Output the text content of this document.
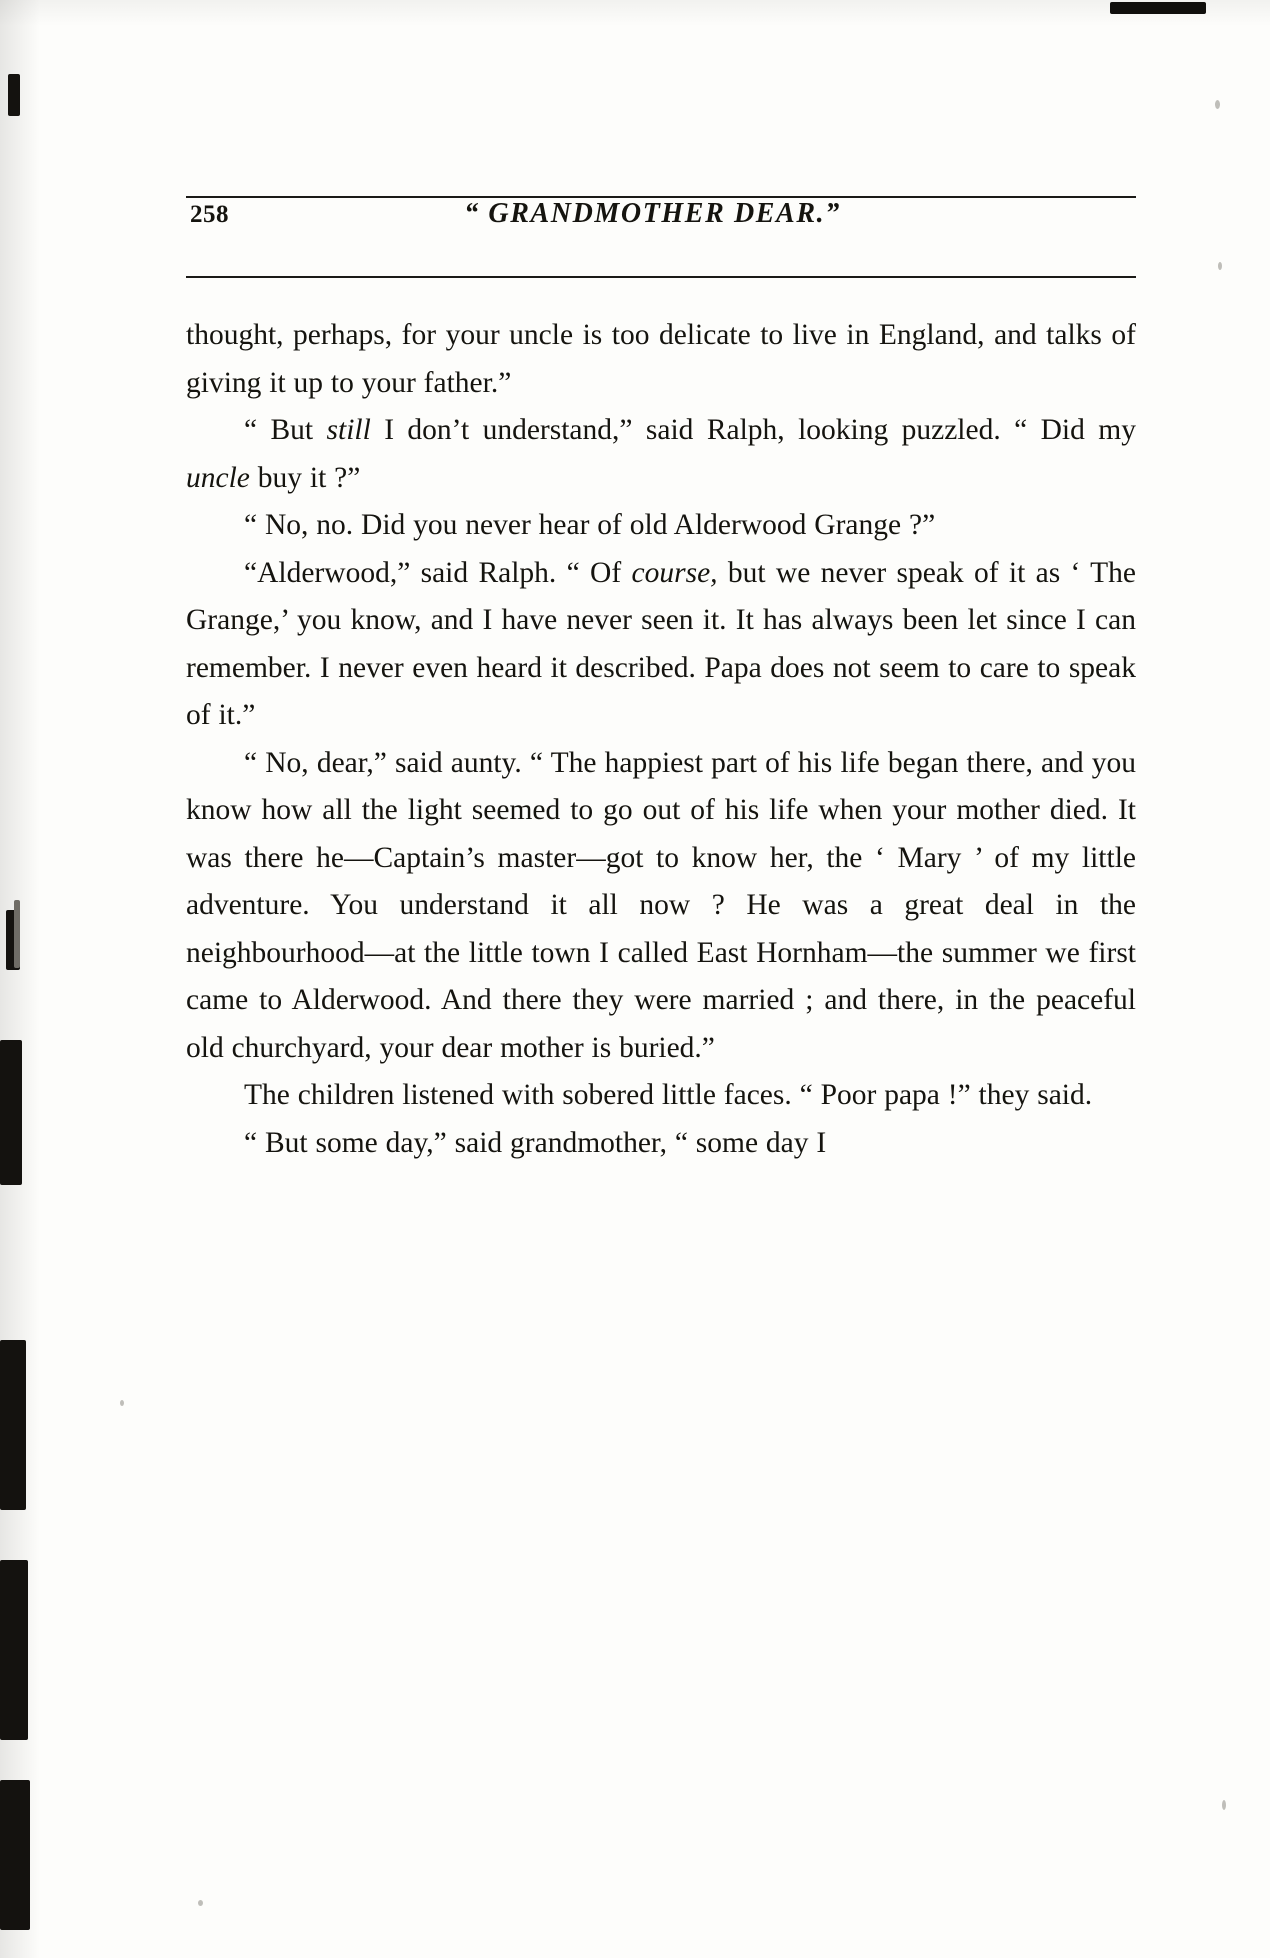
258	“ GRANDMOTHER DEAR.”

thought, perhaps, for your uncle is too delicate to live in England, and talks of giving it up to your father.”

“ But still I don’t understand,” said Ralph, looking puzzled. “ Did my uncle buy it ?”

“ No, no. Did you never hear of old Alderwood Grange ?”

“Alderwood,” said Ralph. “ Of course, but we never speak of it as ‘ The Grange,’ you know, and I have never seen it. It has always been let since I can remember. I never even heard it described. Papa does not seem to care to speak of it.”

“ No, dear,” said aunty. “ The happiest part of his life began there, and you know how all the light seemed to go out of his life when your mother died. It was there he—Captain’s master—got to know her, the ‘ Mary ’ of my little adventure. You understand it all now ? He was a great deal in the neighbourhood—at the little town I called East Hornham—the summer we first came to Alderwood. And there they were married ; and there, in the peaceful old churchyard, your dear mother is buried.”

The children listened with sobered little faces. “ Poor papa !” they said.

“ But some day,” said grandmother, “ some day I
